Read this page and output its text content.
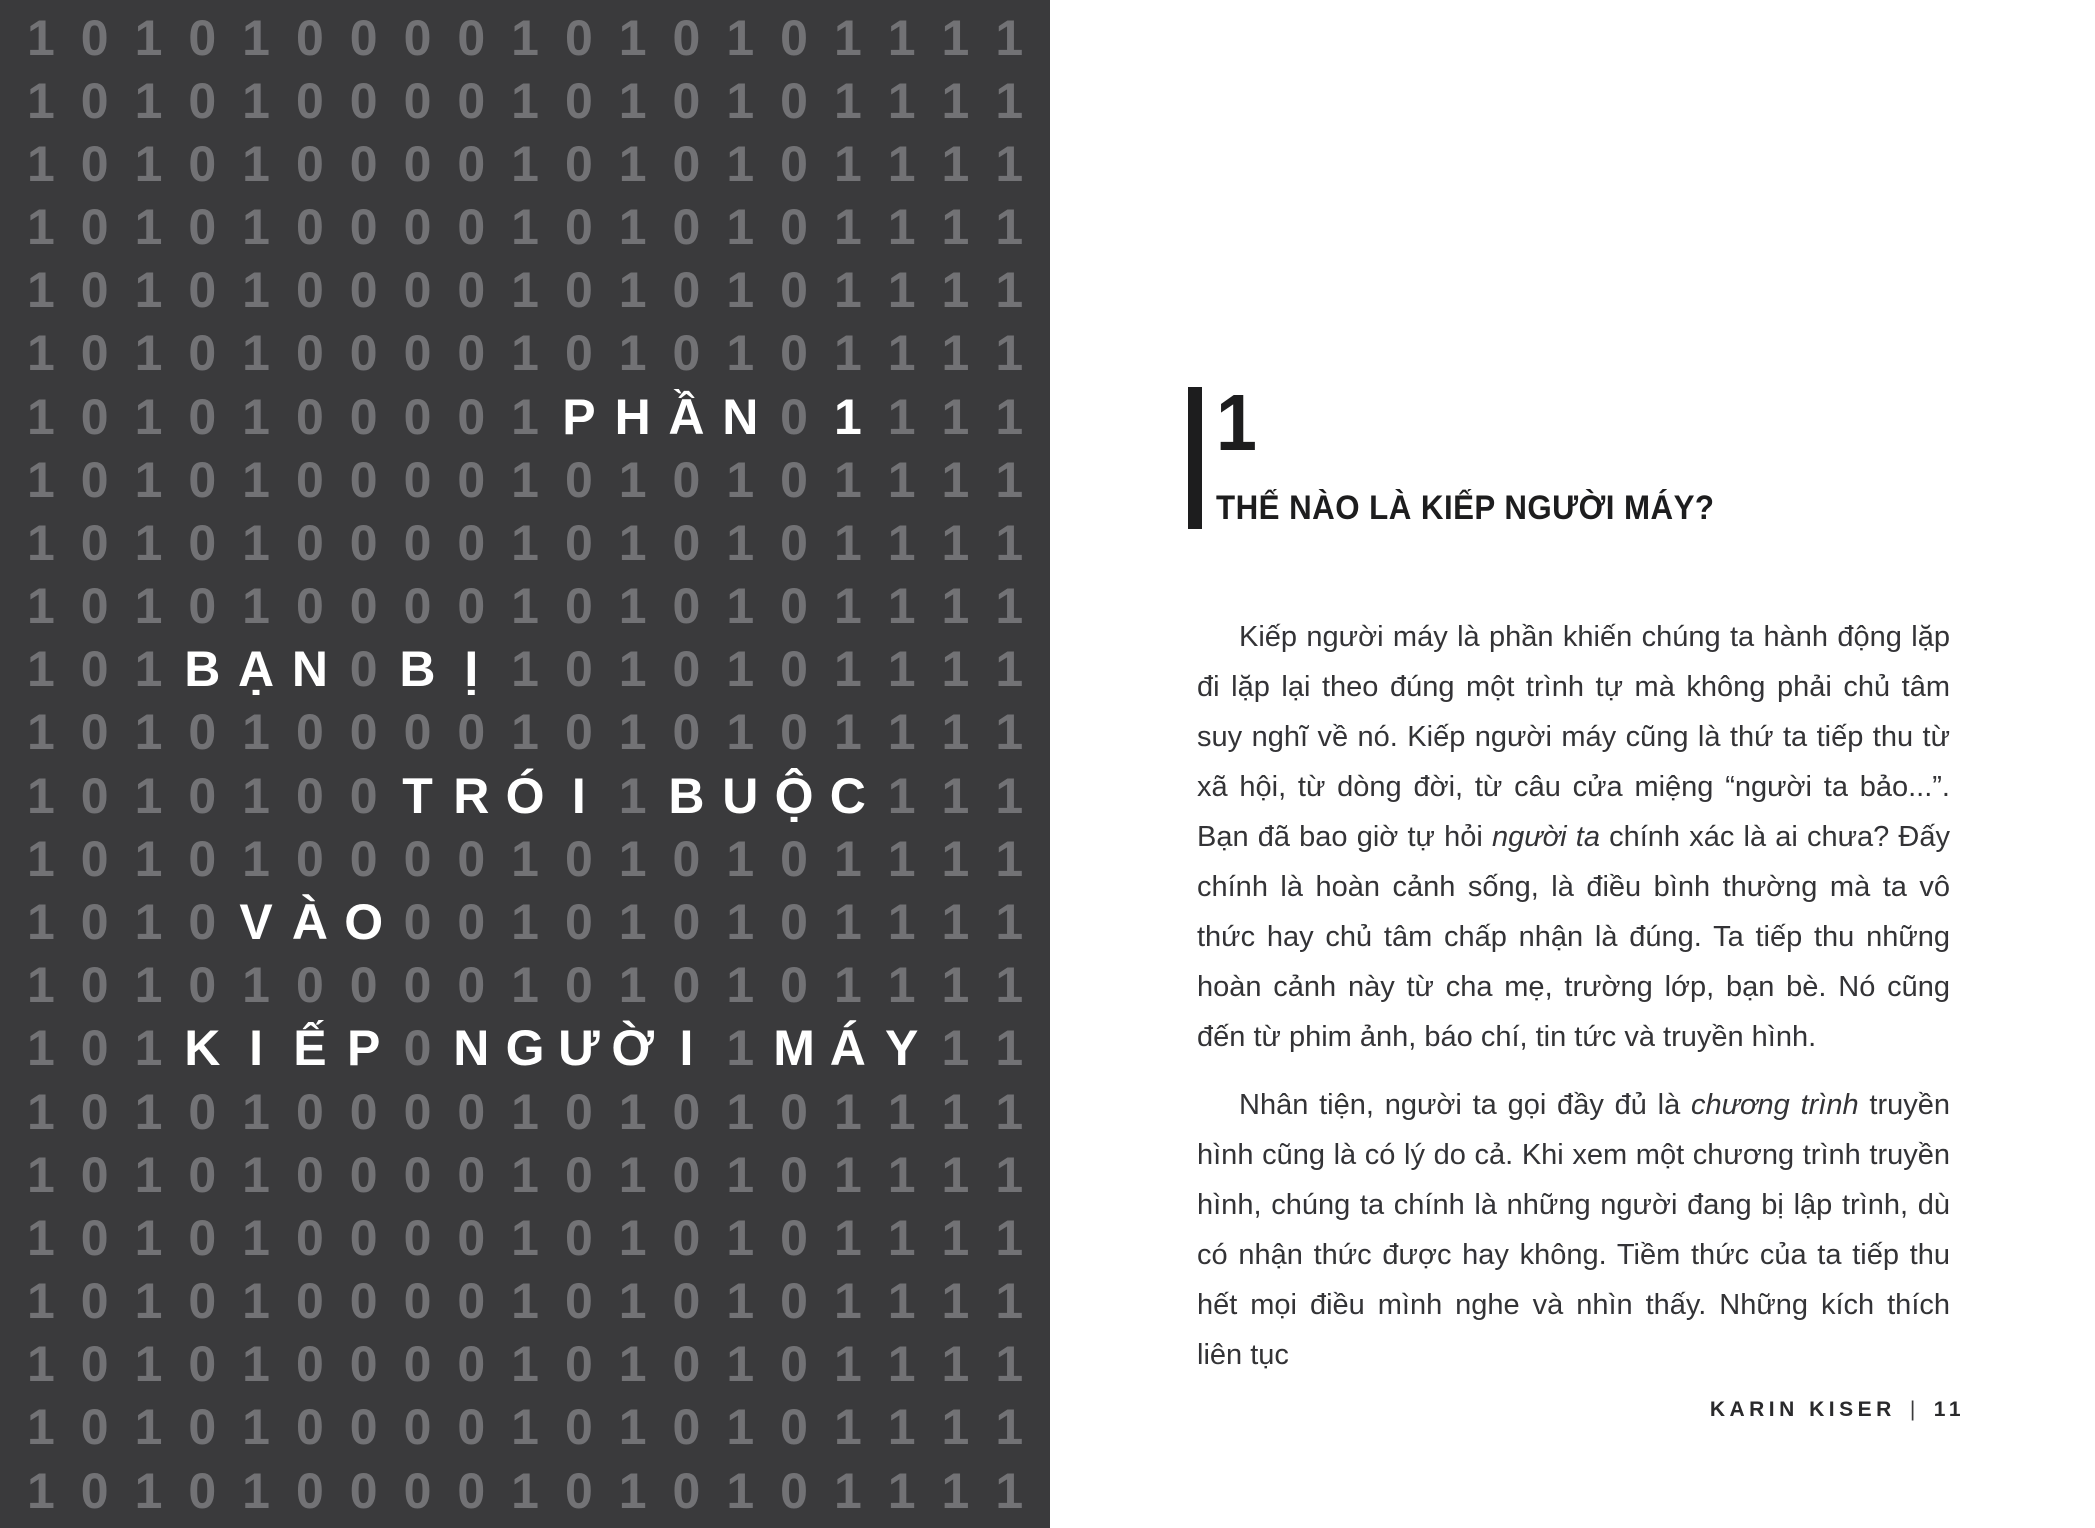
1 0 1 0 1 0 0 0 0 1 0 1 0 1 0 1 1 1 1
1 0 1 0 1 0 0 0 0 1 0 1 0 1 0 1 1 1 1
1 0 1 0 1 0 0 0 0 1 0 1 0 1 0 1 1 1 1
1 0 1 0 1 0 0 0 0 1 0 1 0 1 0 1 1 1 1
1 0 1 0 1 0 0 0 0 1 0 1 0 1 0 1 1 1 1
1 0 1 0 1 0 0 0 0 1 0 1 0 1 0 1 1 1 1
1 0 1 0 1 0 0 0 0 1 P H Ầ N 0 1 1 1 1
1 0 1 0 1 0 0 0 0 1 0 1 0 1 0 1 1 1 1
1 0 1 0 1 0 0 0 0 1 0 1 0 1 0 1 1 1 1
1 0 1 0 1 0 0 0 0 1 0 1 0 1 0 1 1 1 1
1 0 1 B Ạ N 0 B Ị 1 0 1 0 1 0 1 1 1 1
1 0 1 0 1 0 0 0 0 1 0 1 0 1 0 1 1 1 1
1 0 1 0 1 0 0 T R Ó I 1 B U Ộ C 1 1 1
1 0 1 0 1 0 0 0 0 1 0 1 0 1 0 1 1 1 1
1 0 1 0 V À O 0 0 1 0 1 0 1 0 1 1 1 1
1 0 1 0 1 0 0 0 0 1 0 1 0 1 0 1 1 1 1
1 0 1 K I Ế P 0 N G Ư Ờ I 1 M Á Y 1 1
1 0 1 0 1 0 0 0 0 1 0 1 0 1 0 1 1 1 1
1 0 1 0 1 0 0 0 0 1 0 1 0 1 0 1 1 1 1
1 0 1 0 1 0 0 0 0 1 0 1 0 1 0 1 1 1 1
1 0 1 0 1 0 0 0 0 1 0 1 0 1 0 1 1 1 1
1 0 1 0 1 0 0 0 0 1 0 1 0 1 0 1 1 1 1
1 0 1 0 1 0 0 0 0 1 0 1 0 1 0 1 1 1 1
1 0 1 0 1 0 0 0 0 1 0 1 0 1 0 1 1 1 1
1
THẾ NÀO LÀ KIẾP NGƯỜI MÁY?

Kiếp người máy là phần khiến chúng ta hành động lặp đi lặp lại theo đúng một trình tự mà không phải chủ tâm suy nghĩ về nó. Kiếp người máy cũng là thứ ta tiếp thu từ xã hội, từ dòng đời, từ câu cửa miệng “người ta bảo...”. Bạn đã bao giờ tự hỏi người ta chính xác là ai chưa? Đấy chính là hoàn cảnh sống, là điều bình thường mà ta vô thức hay chủ tâm chấp nhận là đúng. Ta tiếp thu những hoàn cảnh này từ cha mẹ, trường lớp, bạn bè. Nó cũng đến từ phim ảnh, báo chí, tin tức và truyền hình.

Nhân tiện, người ta gọi đầy đủ là chương trình truyền hình cũng là có lý do cả. Khi xem một chương trình truyền hình, chúng ta chính là những người đang bị lập trình, dù có nhận thức được hay không. Tiềm thức của ta tiếp thu hết mọi điều mình nghe và nhìn thấy. Những kích thích liên tục

KARIN KISER | 11
